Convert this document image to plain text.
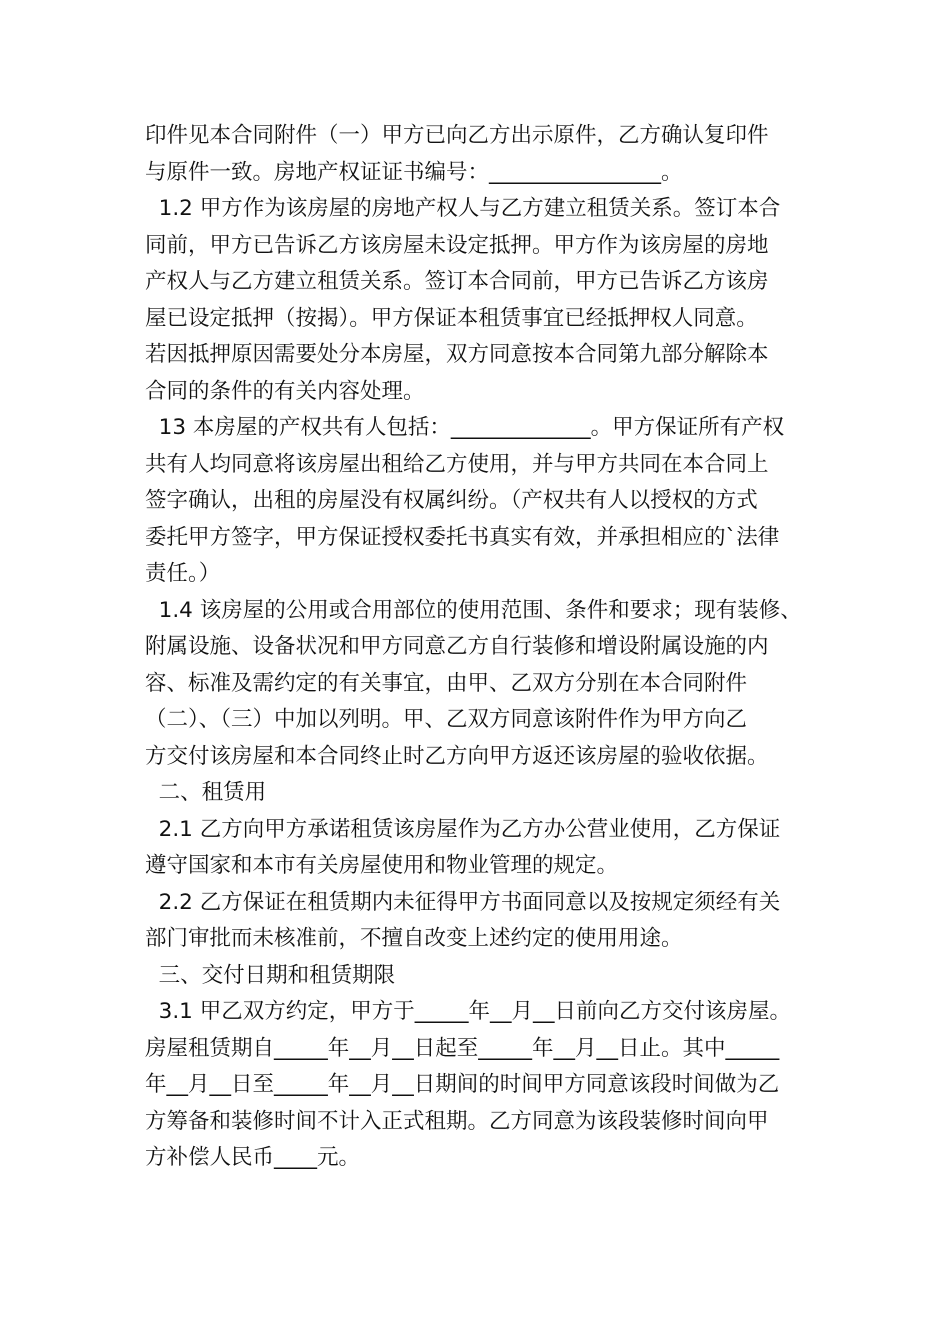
印件见本合同附件（一）甲方已向乙方出示原件，乙方确认复印件
与原件一致。房地产权证证书编号：________________。
1.2 甲方作为该房屋的房地产权人与乙方建立租赁关系。签订本合
同前，甲方已告诉乙方该房屋未设定抵押。甲方作为该房屋的房地
产权人与乙方建立租赁关系。签订本合同前，甲方已告诉乙方该房
屋已设定抵押（按揭）。甲方保证本租赁事宜已经抵押权人同意。
若因抵押原因需要处分本房屋，双方同意按本合同第九部分解除本
合同的条件的有关内容处理。
13 本房屋的产权共有人包括：_____________。甲方保证所有产权
共有人均同意将该房屋出租给乙方使用，并与甲方共同在本合同上
签字确认，出租的房屋没有权属纠纷。（产权共有人以授权的方式
委托甲方签字，甲方保证授权委托书真实有效，并承担相应的`法律
责任。）
1.4 该房屋的公用或合用部位的使用范围、条件和要求；现有装修、
附属设施、设备状况和甲方同意乙方自行装修和增设附属设施的内
容、标准及需约定的有关事宜，由甲、乙双方分别在本合同附件
（二）、（三）中加以列明。甲、乙双方同意该附件作为甲方向乙
方交付该房屋和本合同终止时乙方向甲方返还该房屋的验收依据。
二、租赁用
2.1 乙方向甲方承诺租赁该房屋作为乙方办公营业使用，乙方保证
遵守国家和本市有关房屋使用和物业管理的规定。
2.2 乙方保证在租赁期内未征得甲方书面同意以及按规定须经有关
部门审批而未核准前，不擅自改变上述约定的使用用途。
三、交付日期和租赁期限
3.1 甲乙双方约定，甲方于_____年__月__日前向乙方交付该房屋。
房屋租赁期自_____年__月__日起至_____年__月__日止。其中_____
年__月__日至_____年__月__日期间的时间甲方同意该段时间做为乙
方筹备和装修时间不计入正式租期。乙方同意为该段装修时间向甲
方补偿人民币____元。
